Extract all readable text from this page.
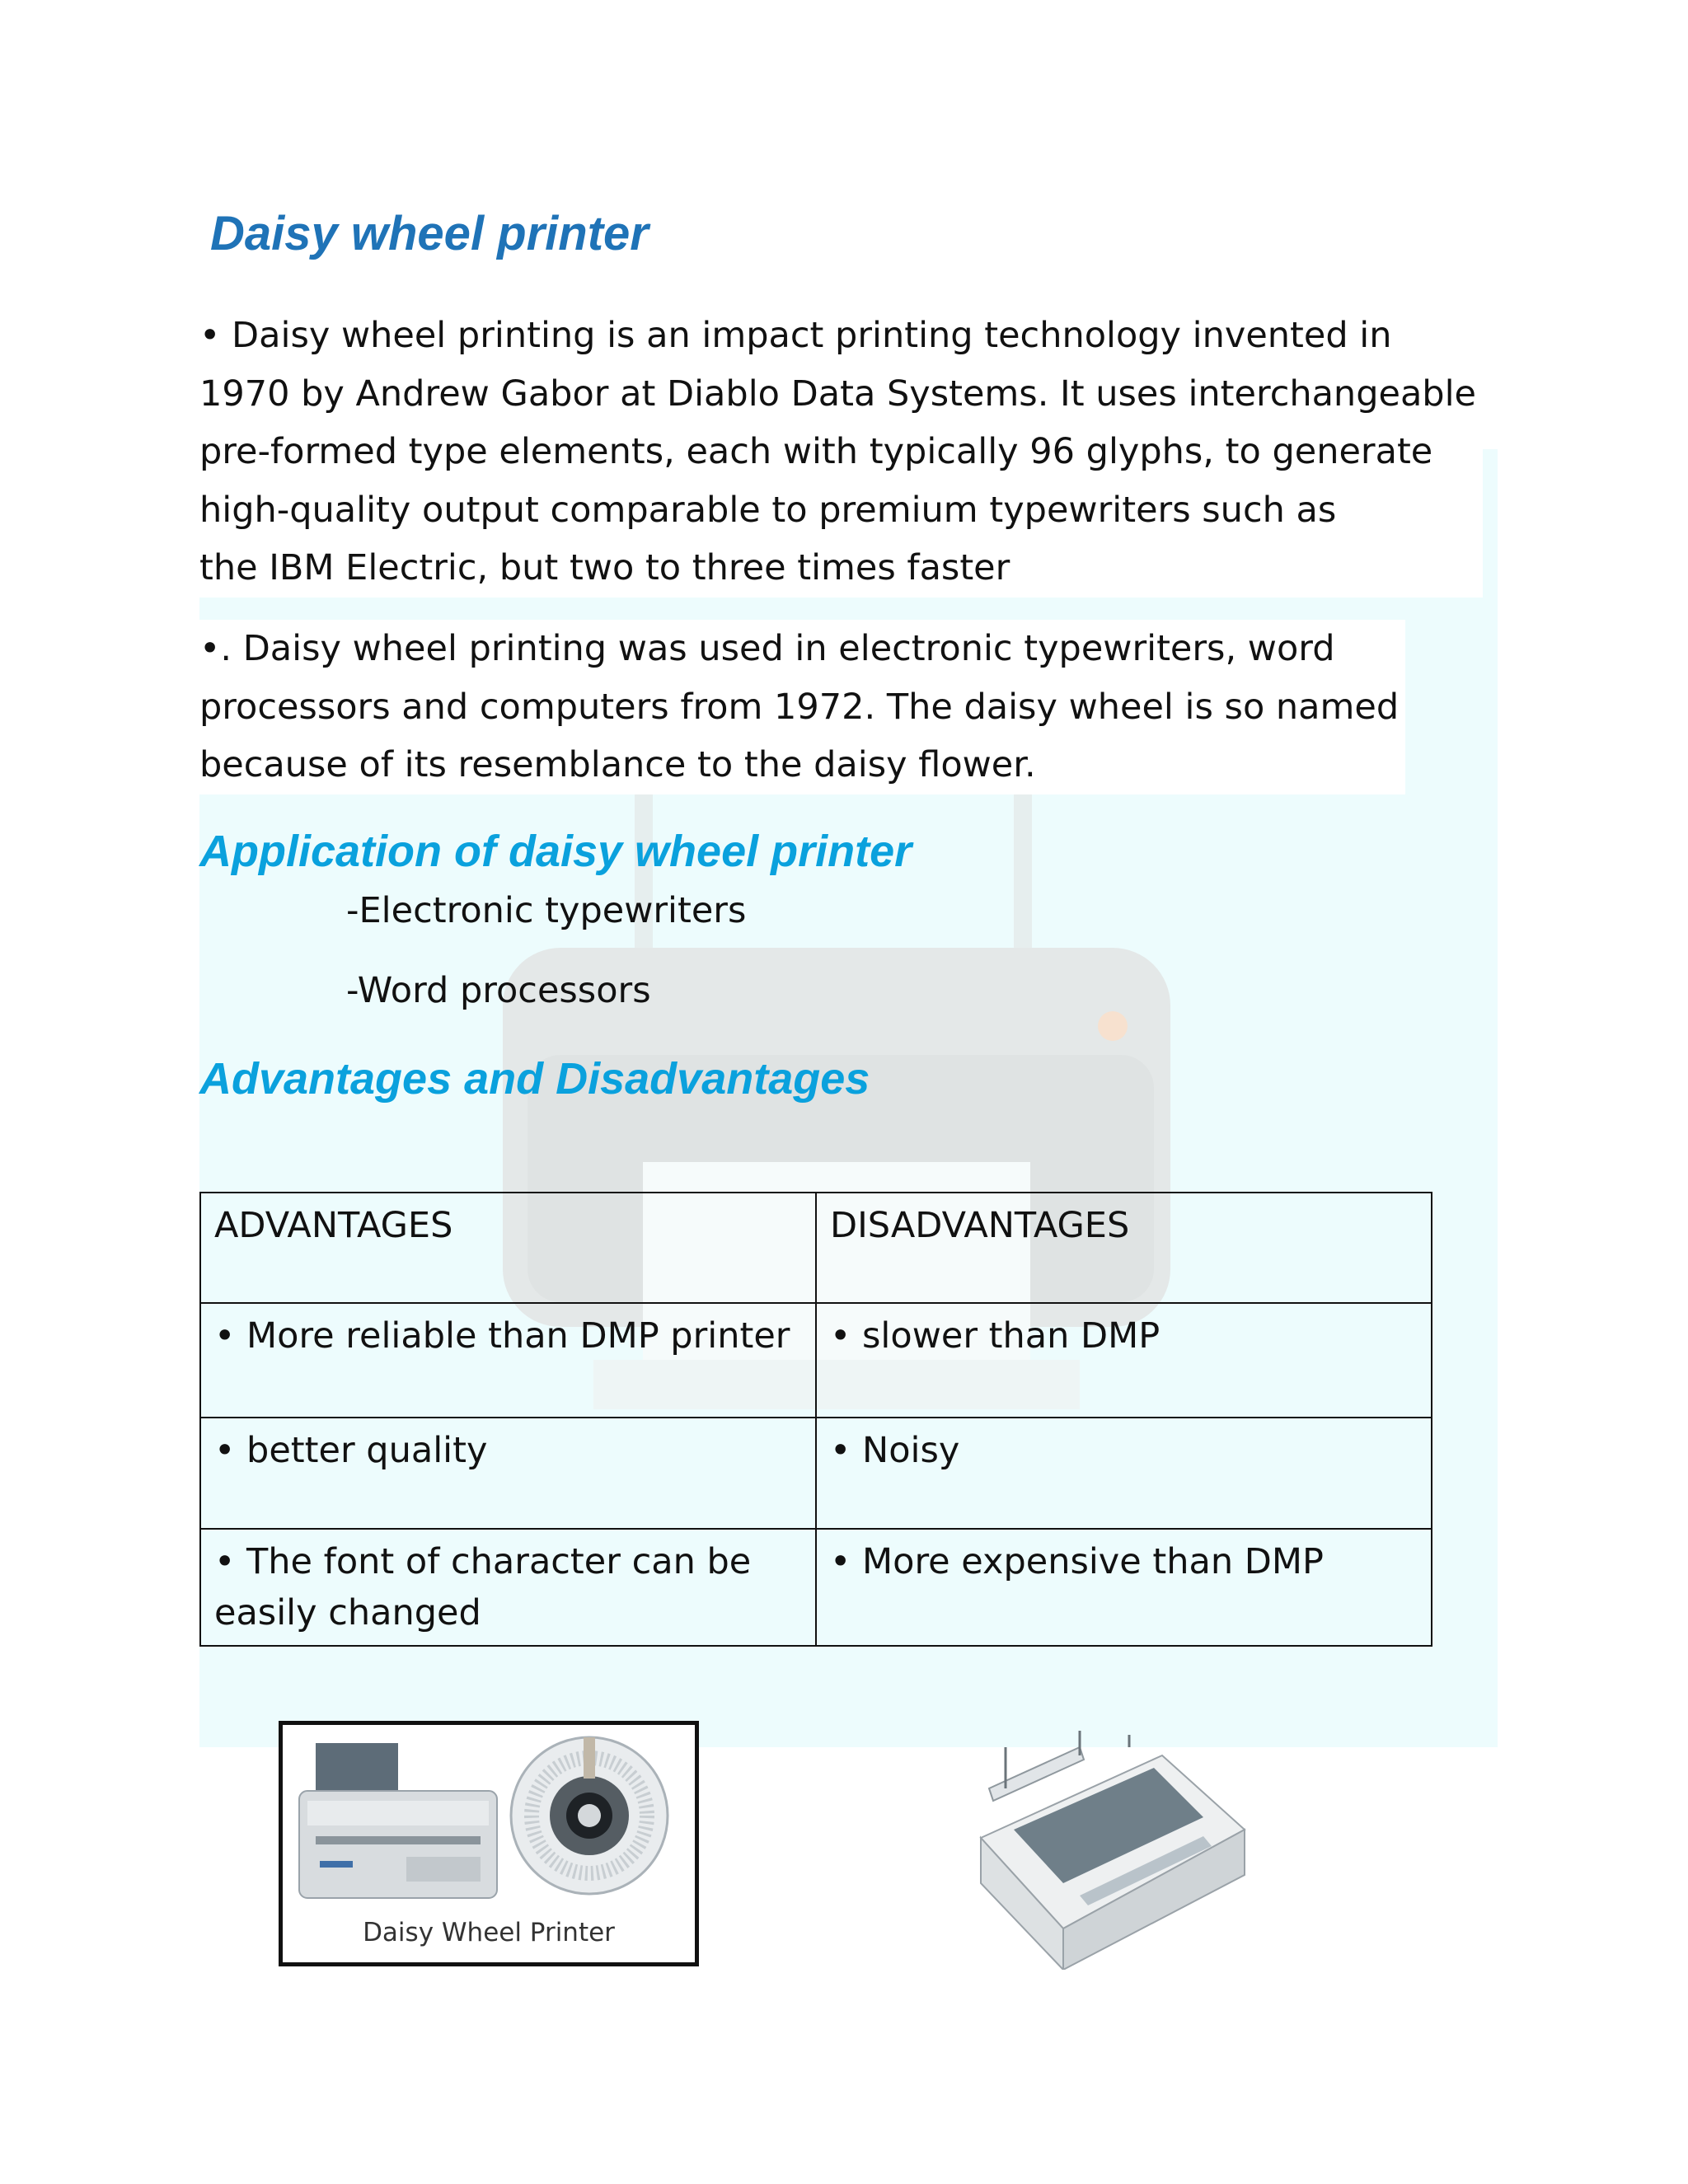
Daisy wheel printer

• Daisy wheel printing is an impact printing technology invented in
1970 by Andrew Gabor at Diablo Data Systems. It uses interchangeable
pre-formed type elements, each with typically 96 glyphs, to generate
high-quality output comparable to premium typewriters such as
the IBM Electric, but two to three times faster

•. Daisy wheel printing was used in electronic typewriters, word
processors and computers from 1972. The daisy wheel is so named
because of its resemblance to the daisy flower.

Application of daisy wheel printer

-Electronic typewriters

-Word processors

Advantages and Disadvantages
ADVANTAGES	DISADVANTAGES
• More reliable than DMP printer	• slower than DMP
• better quality	• Noisy
• The font of character can be easily changed	• More expensive than DMP
Daisy Wheel Printer
